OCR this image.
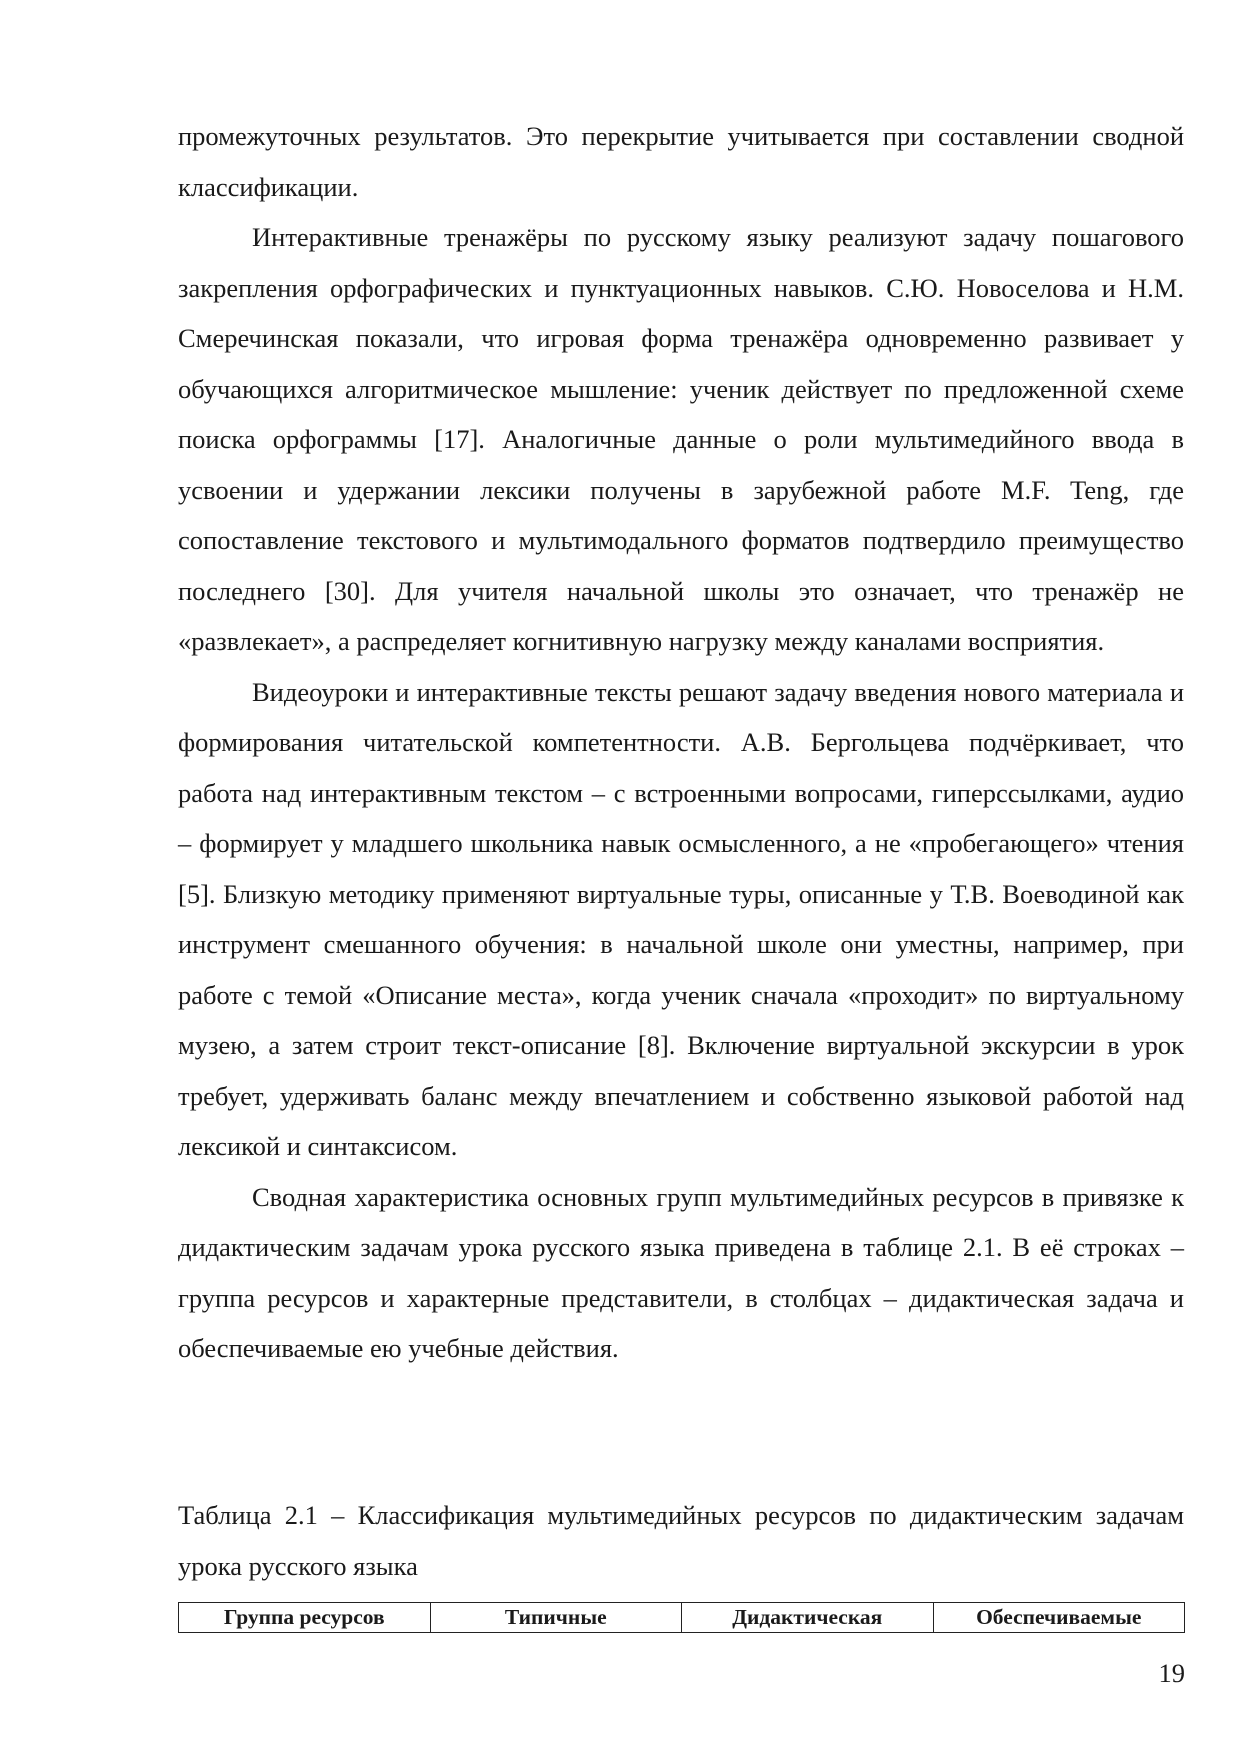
промежуточных результатов. Это перекрытие учитывается при составлении сводной классификации.

Интерактивные тренажёры по русскому языку реализуют задачу пошагового закрепления орфографических и пунктуационных навыков. С.Ю. Новоселова и Н.М. Смеречинская показали, что игровая форма тренажёра одновременно развивает у обучающихся алгоритмическое мышление: ученик действует по предложенной схеме поиска орфограммы [17]. Аналогичные данные о роли мультимедийного ввода в усвоении и удержании лексики получены в зарубежной работе M.F. Teng, где сопоставление текстового и мультимодального форматов подтвердило преимущество последнего [30]. Для учителя начальной школы это означает, что тренажёр не «развлекает», а распределяет когнитивную нагрузку между каналами восприятия.

Видеоуроки и интерактивные тексты решают задачу введения нового материала и формирования читательской компетентности. А.В. Бергольцева подчёркивает, что работа над интерактивным текстом – с встроенными вопросами, гиперссылками, аудио – формирует у младшего школьника навык осмысленного, а не «пробегающего» чтения [5]. Близкую методику применяют виртуальные туры, описанные у Т.В. Воеводиной как инструмент смешанного обучения: в начальной школе они уместны, например, при работе с темой «Описание места», когда ученик сначала «проходит» по виртуальному музею, а затем строит текст-описание [8]. Включение виртуальной экскурсии в урок требует, удерживать баланс между впечатлением и собственно языковой работой над лексикой и синтаксисом.

Сводная характеристика основных групп мультимедийных ресурсов в привязке к дидактическим задачам урока русского языка приведена в таблице 2.1. В её строках – группа ресурсов и характерные представители, в столбцах – дидактическая задача и обеспечиваемые ею учебные действия.

Таблица 2.1 – Классификация мультимедийных ресурсов по дидактическим задачам урока русского языка

Группа ресурсов	Типичные	Дидактическая	Обеспечиваемые
19
